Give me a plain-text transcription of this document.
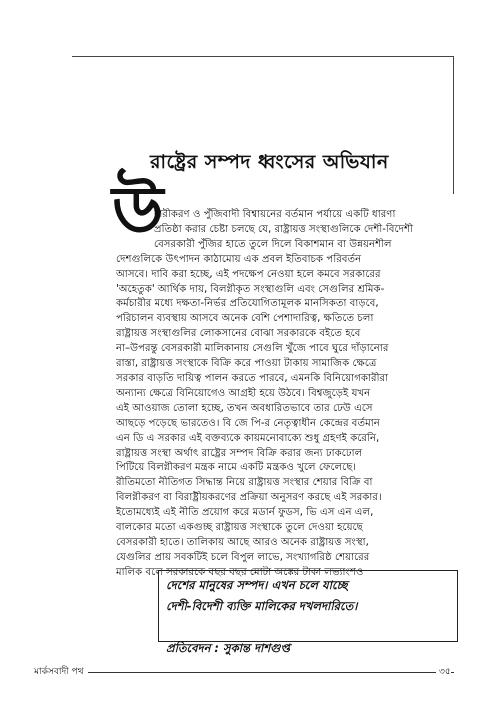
রাষ্ট্রের সম্পদ ধ্বংসের অভিযান
উ
দারীকরণ ও পুঁজিবাদী বিশ্বায়নের বর্তমান পর্যায়ে একটি ধারণা
প্রতিষ্ঠা করার চেষ্টা চলছে যে, রাষ্ট্রায়ত্ত সংস্থাগুলিকে দেশী-বিদেশী
বেসরকারী পুঁজির হাতে তুলে দিলে বিকাশমান বা উন্নয়নশীল
দেশগুলিকে উৎপাদন কাঠামোয় এক প্রবল ইতিবাচক পরিবর্তন
আসবে। দাবি করা হচ্ছে, এই পদক্ষেপ নেওয়া হলে কমবে সরকারের
'অহেতুক' আর্থিক দায়, বিলগ্নীকৃত সংস্থাগুলি এবং সেগুলির শ্রমিক-
কর্মচারীর মধ্যে দক্ষতা-নির্ভর প্রতিযোগিতামূলক মানসিকতা বাড়বে,
পরিচালন ব্যবস্থায় আসবে অনেক বেশি পেশাদারিত্ব, ক্ষতিতে চলা
রাষ্ট্রায়ত্ত সংস্থাগুলির লোকসানের বোঝা সরকারকে বইতে হবে
না–উপরন্তু বেসরকারী মালিকানায় সেগুলি খুঁজে পাবে ঘুরে দাঁড়ানোর
রাস্তা, রাষ্ট্রায়ত্ত সংস্থাকে বিক্রি করে পাওয়া টাকায় সামাজিক ক্ষেত্রে
সরকার বাড়তি দায়িত্ব পালন করতে পারবে, এমনকি বিনিয়োগকারীরা
অন্যান্য ক্ষেত্রে বিনিয়োগেও আগ্রহী হয়ে উঠবে। বিশ্বজুড়েই যখন
এই আওয়াজ তোলা হচ্ছে, তখন অবধারিতভাবে তার ঢেউ এসে
আছড়ে পড়েছে ভারতেও। বি জে পি-র নেতৃত্বাধীন কেন্দ্রের বর্তমান
এন ডি এ সরকার এই বক্তব্যকে কায়মনোবাক্যে শুধু গ্রহণই করেনি,
রাষ্ট্রায়ত্ত সংস্থা অর্থাৎ রাষ্ট্রের সম্পদ বিক্রি করার জন্য ঢাকঢোল
পিটিয়ে বিলগ্নীকরণ মন্ত্রক নামে একটি মন্ত্রকও খুলে ফেলেছে।
রীতিমতো নীতিগত সিদ্ধান্ত নিয়ে রাষ্ট্রায়ত্ত সংস্থার শেয়ার বিক্রি বা
বিলগ্নীকরণ বা বিরাষ্ট্রীয়করণের প্রক্রিয়া অনুসরণ করছে এই সরকার।
ইতোমধ্যেই এই নীতি প্রয়োগ করে মডার্ন ফুডস, ভি এস এন এল,
বালকোর মতো একগুচ্ছ রাষ্ট্রায়ত্ত সংস্থাকে তুলে দেওয়া হয়েছে
বেসরকারী হাতে। তালিকায় আছে আরও অনেক রাষ্ট্রায়ত্ত সংস্থা,
যেগুলির প্রায় সবকটিই চলে বিপুল লাভে, সংখ্যাগরিষ্ঠ শেয়ারের
মালিক বলে সরকারকে বছর বছর মোটা অঙ্কের টাকা লভ্যাংশও
দেশের মানুষের সম্পদ। এখন চলে যাচ্ছে
দেশী-বিদেশী ব্যক্তি মালিকের দখলদারিতে।
প্রতিবেদন : সুকান্ত দাশগুপ্ত
মার্কসবাদী পথ	৩৫
